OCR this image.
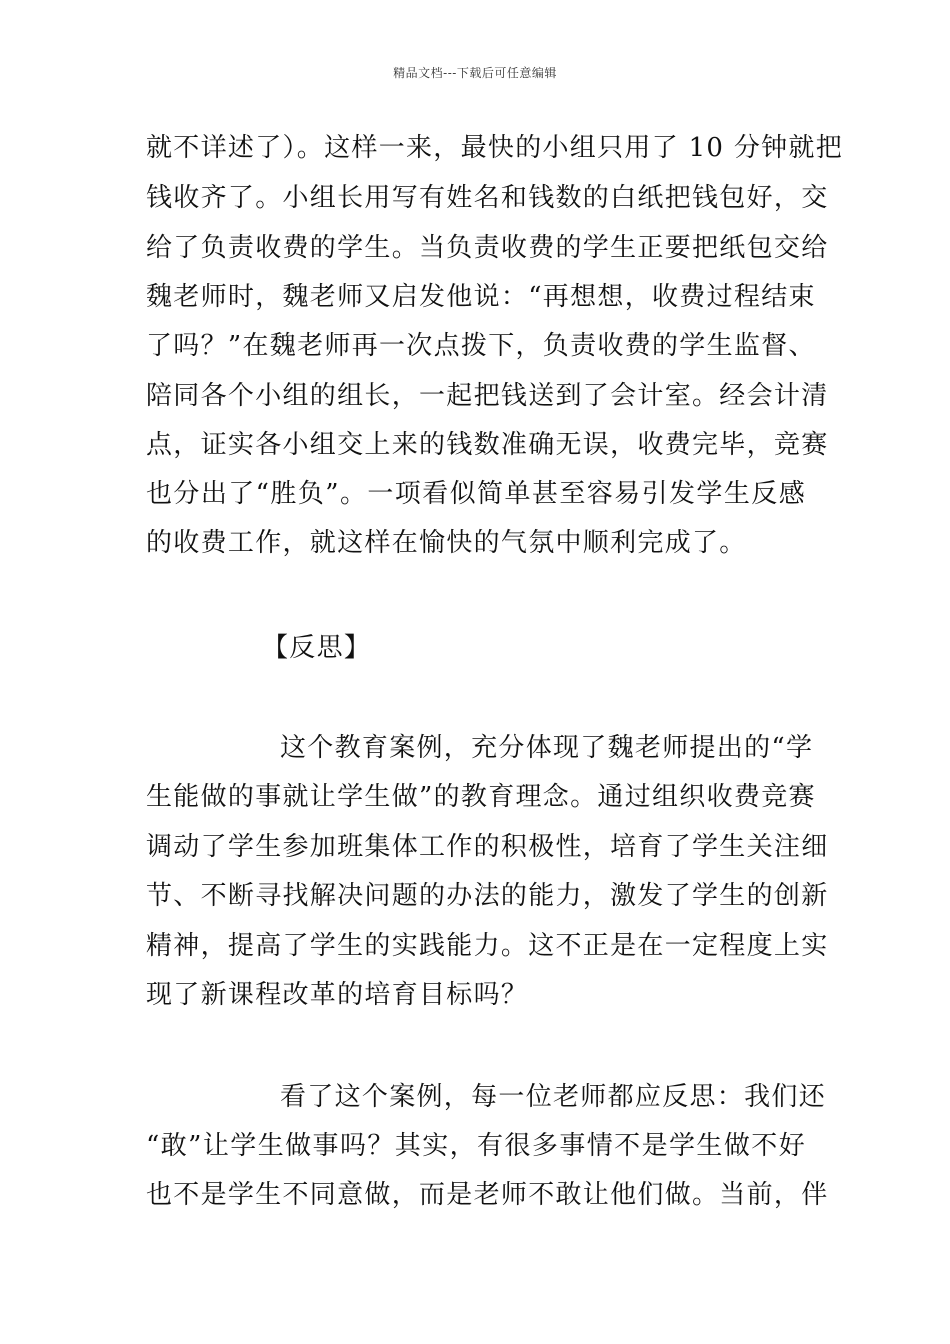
精品文档---下载后可任意编辑
就不详述了）。这样一来，最快的小组只用了 10 分钟就把
钱收齐了。小组长用写有姓名和钱数的白纸把钱包好，交
给了负责收费的学生。当负责收费的学生正要把纸包交给
魏老师时，魏老师又启发他说：“再想想，收费过程结束
了吗？”在魏老师再一次点拨下，负责收费的学生监督、
陪同各个小组的组长，一起把钱送到了会计室。经会计清
点，证实各小组交上来的钱数准确无误，收费完毕，竞赛
也分出了“胜负”。一项看似简单甚至容易引发学生反感
的收费工作，就这样在愉快的气氛中顺利完成了。
【反思】
这个教育案例，充分体现了魏老师提出的“学
生能做的事就让学生做”的教育理念。通过组织收费竞赛
调动了学生参加班集体工作的积极性，培育了学生关注细
节、不断寻找解决问题的办法的能力，激发了学生的创新
精神，提高了学生的实践能力。这不正是在一定程度上实
现了新课程改革的培育目标吗？
看了这个案例，每一位老师都应反思：我们还
“敢”让学生做事吗？其实，有很多事情不是学生做不好
也不是学生不同意做，而是老师不敢让他们做。当前，伴
